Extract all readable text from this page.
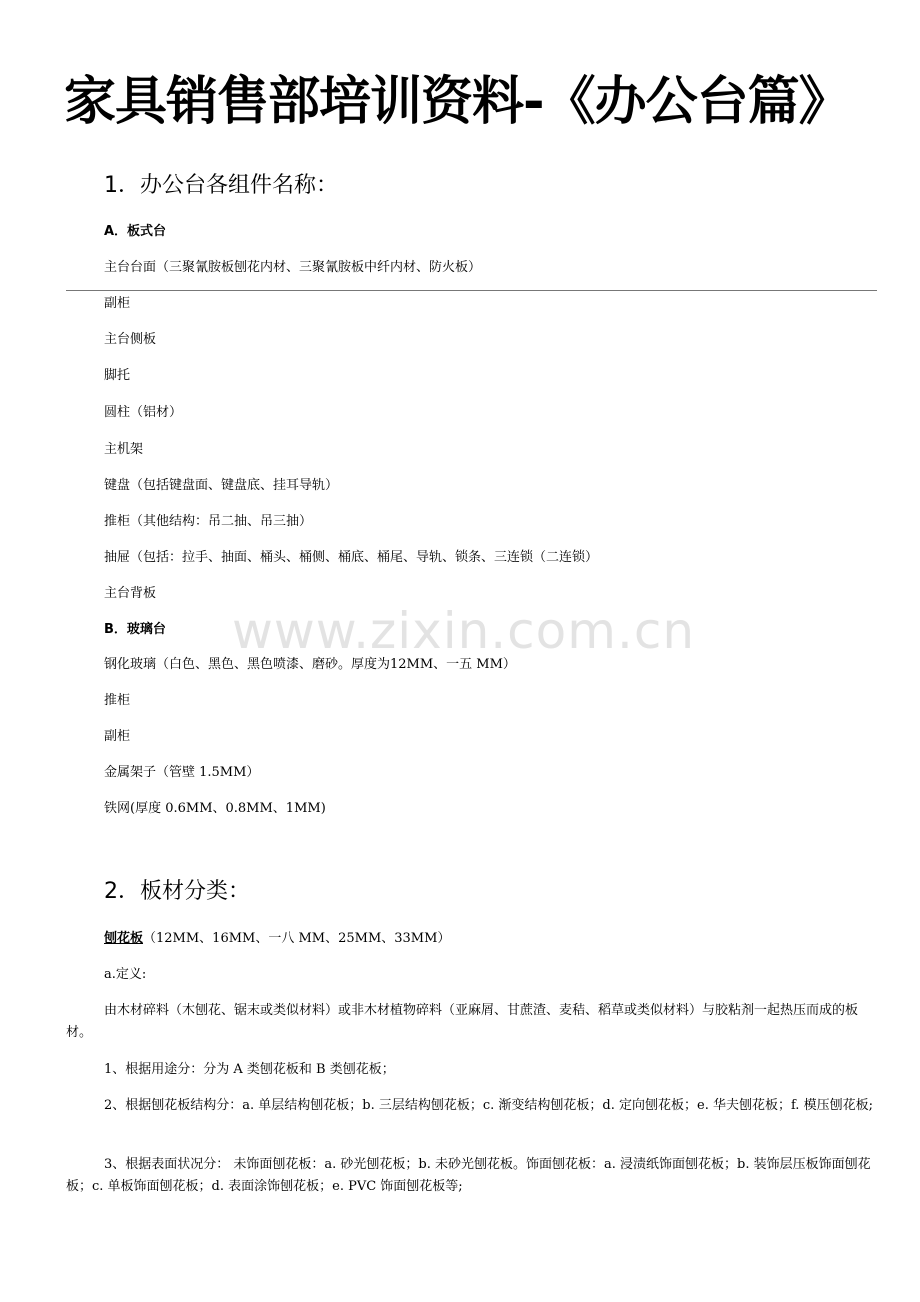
家具销售部培训资料-《办公台篇》
1．办公台各组件名称：
A．板式台
主台台面（三聚氰胺板刨花内材、三聚氰胺板中纤内材、防火板）
副柜
主台侧板
脚托
圆柱（铝材）
主机架
键盘（包括键盘面、键盘底、挂耳导轨）
推柜（其他结构：吊二抽、吊三抽）
抽屉（包括：拉手、抽面、桶头、桶侧、桶底、桶尾、导轨、锁条、三连锁（二连锁）
主台背板
www.zixin.com.cn
B．玻璃台
钢化玻璃（白色、黑色、黑色喷漆、磨砂。厚度为12MM、一五 MM）
推柜
副柜
金属架子（管壁 1.5MM）
铁网(厚度 0.6MM、0.8MM、1MM)
2．板材分类：
刨花板（12MM、16MM、一八 MM、25MM、33MM）
a.定义:
由木材碎料（木刨花、锯末或类似材料）或非木材植物碎料（亚麻屑、甘蔗渣、麦秸、稻草或类似材料）与胶粘剂一起热压而成的板材。
1、根据用途分：分为 A 类刨花板和 B 类刨花板；
2、根据刨花板结构分：a. 单层结构刨花板；b. 三层结构刨花板；c. 渐变结构刨花板；d. 定向刨花板；e. 华夫刨花板；f. 模压刨花板;
3、根据表面状况分： 未饰面刨花板：a. 砂光刨花板；b. 未砂光刨花板。饰面刨花板：a. 浸渍纸饰面刨花板；b. 装饰层压板饰面刨花板；c. 单板饰面刨花板；d. 表面涂饰刨花板；e. PVC 饰面刨花板等;
